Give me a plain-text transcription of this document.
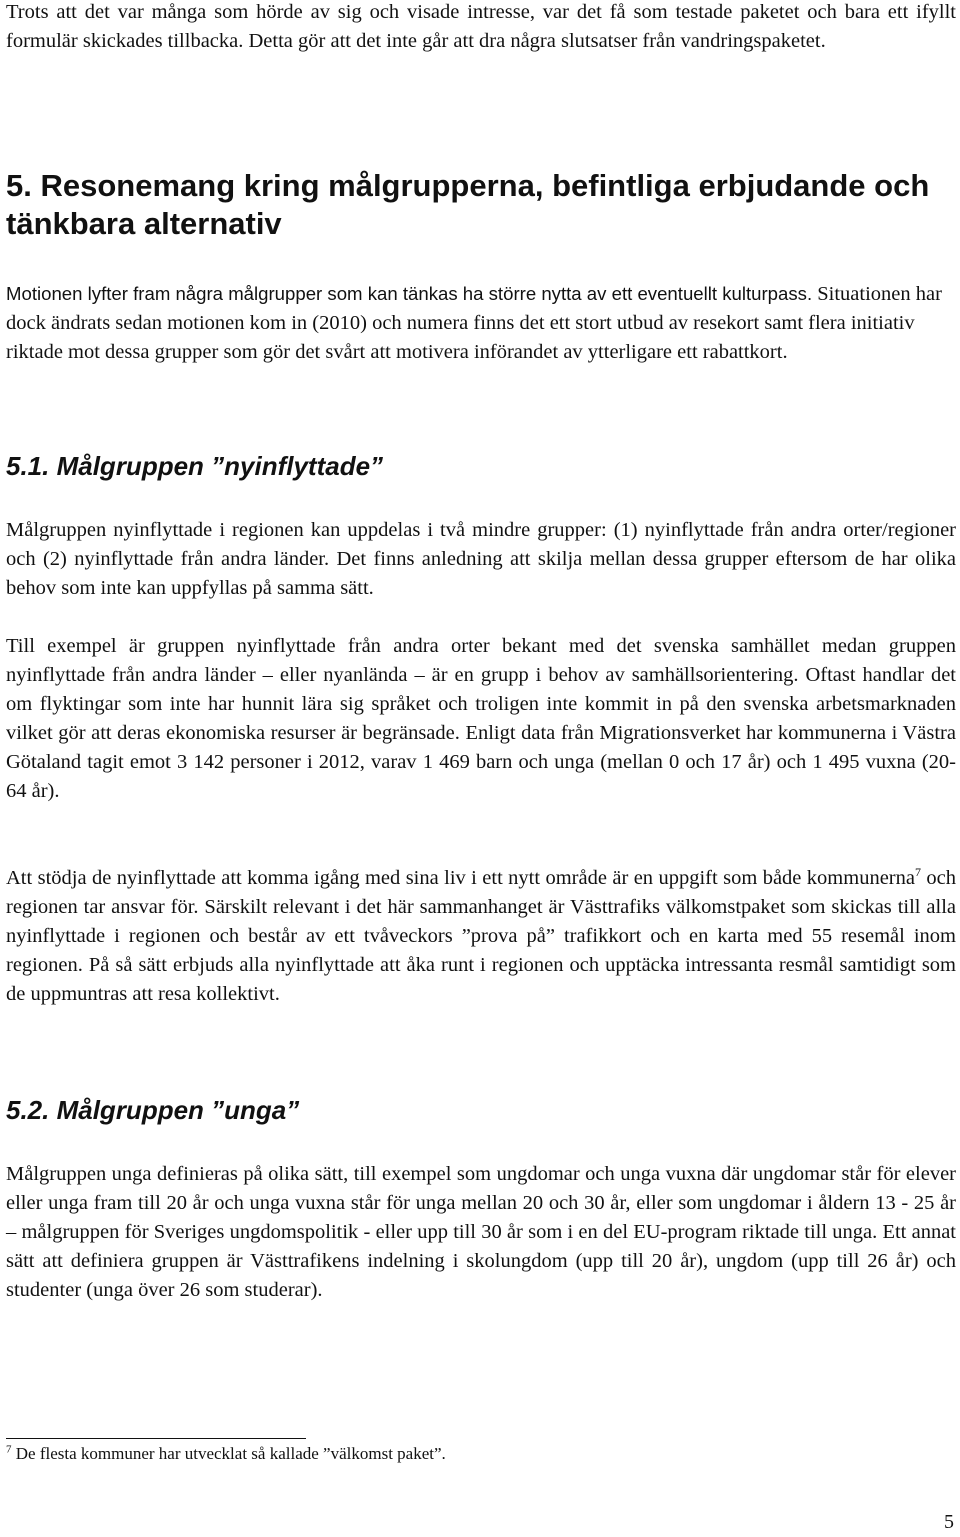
Trots att det var många som hörde av sig och visade intresse, var det få som testade paketet och bara ett ifyllt formulär skickades tillbacka. Detta gör att det inte går att dra några slutsatser från vandringspaketet.

5. Resonemang kring målgrupperna, befintliga erbjudande och tänkbara alternativ

Motionen lyfter fram några målgrupper som kan tänkas ha större nytta av ett eventuellt kulturpass. Situationen har dock ändrats sedan motionen kom in (2010) och numera finns det ett stort utbud av resekort samt flera initiativ riktade mot dessa grupper som gör det svårt att motivera införandet av ytterligare ett rabattkort.

5.1. Målgruppen ”nyinflyttade”

Målgruppen nyinflyttade i regionen kan uppdelas i två mindre grupper: (1) nyinflyttade från andra orter/regioner och (2) nyinflyttade från andra länder. Det finns anledning att skilja mellan dessa grupper eftersom de har olika behov som inte kan uppfyllas på samma sätt.

Till exempel är gruppen nyinflyttade från andra orter bekant med det svenska samhället medan gruppen nyinflyttade från andra länder – eller nyanlända – är en grupp i behov av samhällsorientering. Oftast handlar det om flyktingar som inte har hunnit lära sig språket och troligen inte kommit in på den svenska arbetsmarknaden vilket gör att deras ekonomiska resurser är begränsade. Enligt data från Migrationsverket har kommunerna i Västra Götaland tagit emot 3 142 personer i 2012, varav 1 469 barn och unga (mellan 0 och 17 år) och 1 495 vuxna (20- 64 år).

Att stödja de nyinflyttade att komma igång med sina liv i ett nytt område är en uppgift som både kommunerna$^7$ och regionen tar ansvar för. Särskilt relevant i det här sammanhanget är Västtrafiks välkomstpaket som skickas till alla nyinflyttade i regionen och består av ett tvåveckors ”prova på” trafikkort och en karta med 55 resemål inom regionen. På så sätt erbjuds alla nyinflyttade att åka runt i regionen och upptäcka intressanta resmål samtidigt som de uppmuntras att resa kollektivt.

5.2. Målgruppen ”unga”

Målgruppen unga definieras på olika sätt, till exempel som ungdomar och unga vuxna där ungdomar står för elever eller unga fram till 20 år och unga vuxna står för unga mellan 20 och 30 år, eller som ungdomar i åldern 13 - 25 år – målgruppen för Sveriges ungdomspolitik - eller upp till 30 år som i en del EU-program riktade till unga. Ett annat sätt att definiera gruppen är Västtrafikens indelning i skolungdom (upp till 20 år), ungdom (upp till 26 år) och studenter (unga över 26 som studerar).

$^7$ De flesta kommuner har utvecklat så kallade ”välkomst paket”.

5
